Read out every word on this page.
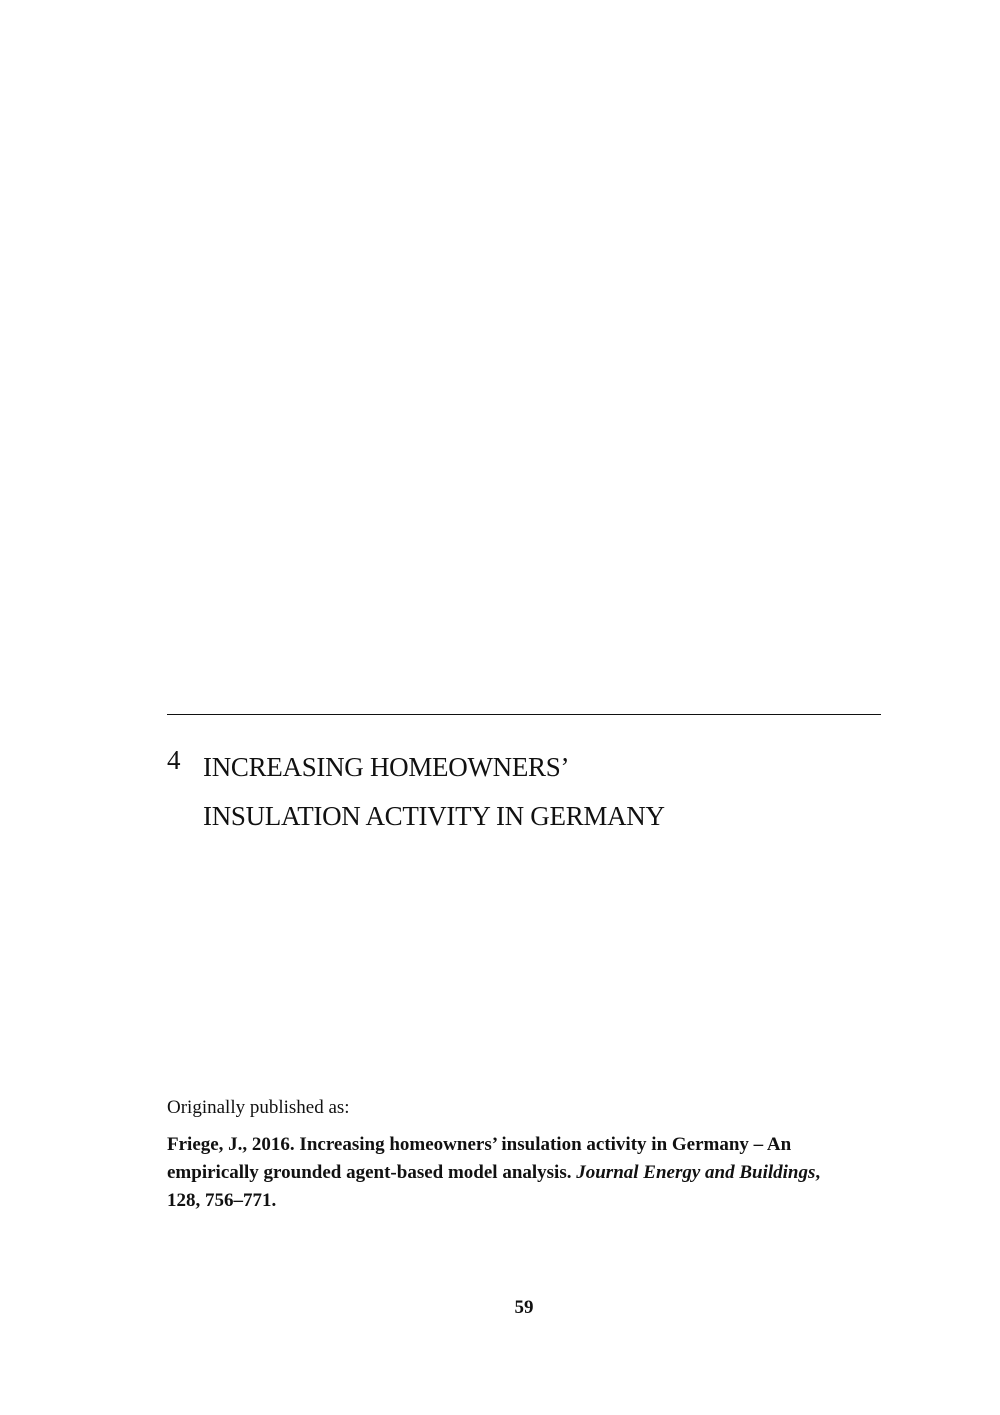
4 INCREASING HOMEOWNERS’
INSULATION ACTIVITY IN GERMANY
Originally published as:
Friege, J., 2016. Increasing homeowners’ insulation activity in Germany – An
empirically grounded agent-based model analysis. Journal Energy and Buildings,
128, 756–771.
59
